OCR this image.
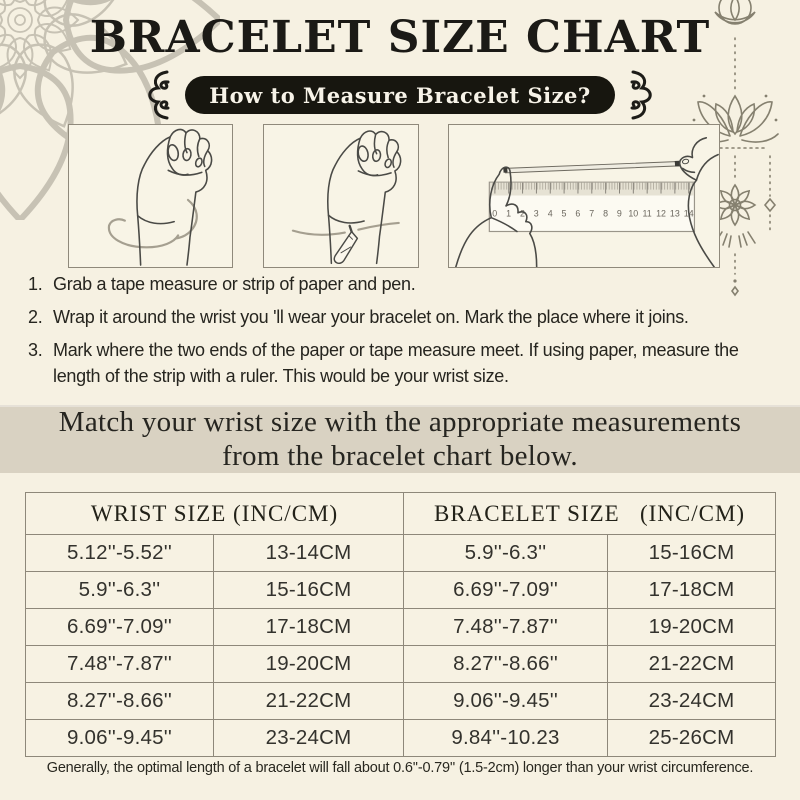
BRACELET SIZE CHART
How to Measure Bracelet Size?
0 1 2 3 4 5 6 7 8 9 10 11 12 13 14
1. Grab a tape measure or strip of paper and pen.
2. Wrap it around the wrist you 'll wear your bracelet on. Mark the place where it joins.
3. Mark where the two ends of the paper or tape measure meet. If using paper, measure the length of the strip with a ruler. This would be your wrist size.

Match your wrist size with the appropriate measurements from the bracelet chart below.

WRIST SIZE (INC/CM)		BRACELET SIZE   (INC/CM)	
5.12''-5.52''	13-14CM	5.9''-6.3''	15-16CM
5.9''-6.3''	15-16CM	6.69''-7.09''	17-18CM
6.69''-7.09''	17-18CM	7.48''-7.87''	19-20CM
7.48''-7.87''	19-20CM	8.27''-8.66''	21-22CM
8.27''-8.66''	21-22CM	9.06''-9.45''	23-24CM
9.06''-9.45''	23-24CM	9.84''-10.23	25-26CM

Generally, the optimal length of a bracelet will fall about 0.6''-0.79'' (1.5-2cm) longer than your wrist circumference.
